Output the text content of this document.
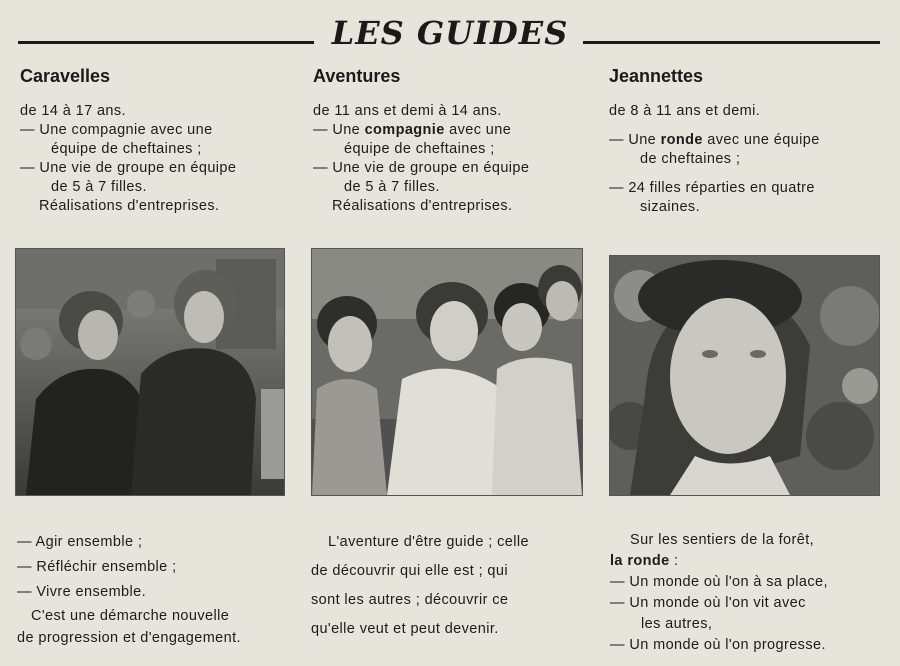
LES GUIDES
Caravelles
de 14 à 17 ans.
— Une compagnie avec une
équipe de cheftaines ;
— Une vie de groupe en équipe
de 5 à 7 filles.
Réalisations d'entreprises.
Aventures
de 11 ans et demi à 14 ans.
— Une compagnie avec une
équipe de cheftaines ;
— Une vie de groupe en équipe
de 5 à 7 filles.
Réalisations d'entreprises.
Jeannettes
de 8 à 11 ans et demi.
— Une ronde avec une équipe
de cheftaines ;
— 24 filles réparties en quatre
sizaines.
— Agir ensemble ;
— Réfléchir ensemble ;
— Vivre ensemble.
C'est une démarche nouvelle
de progression et d'engagement.
L'aventure d'être guide ; celle
de découvrir qui elle est ; qui
sont les autres ; découvrir ce
qu'elle veut et peut devenir.
Sur les sentiers de la forêt,
la ronde :
— Un monde où l'on à sa place,
— Un monde où l'on vit avec
les autres,
— Un monde où l'on progresse.
